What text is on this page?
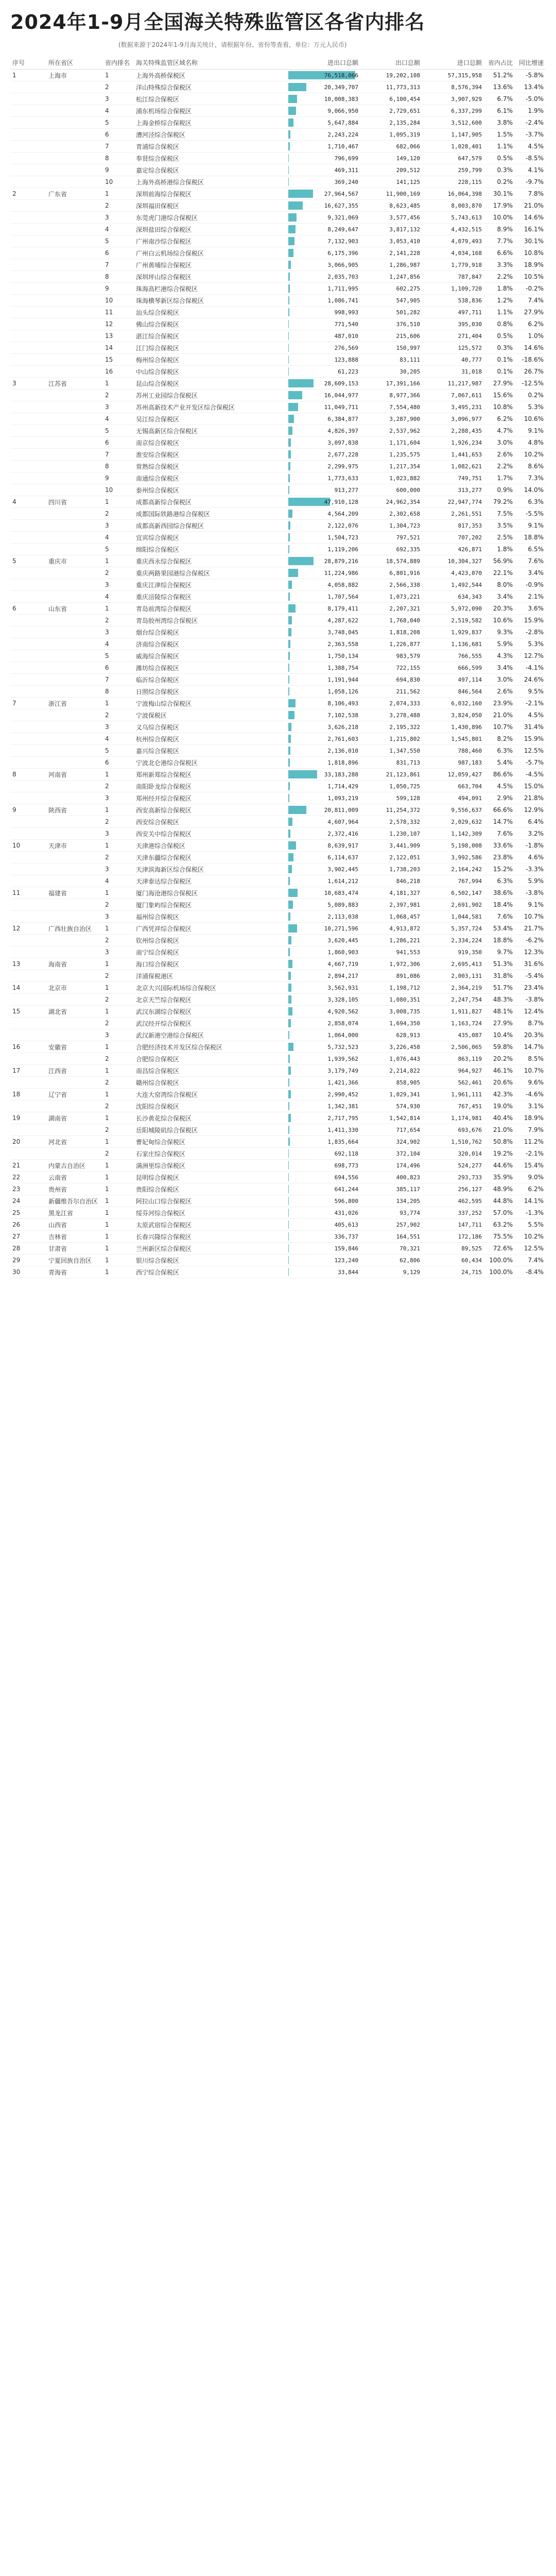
2024年1-9月全国海关特殊监管区各省内排名
(数据来源于2024年1-9月海关统计，请根据年份、省份等查看，单位：万元人民币)
序号	所在省区	省内排名	海关特殊监管区域名称	进出口总额	出口总额	进口总额	省内占比	同比增速
1	上海市	1	上海外高桥保税区	76,518,066	19,202,108	57,315,958	51.2%	-5.8%
		2	洋山特殊综合保税区	20,349,707	11,773,313	8,576,394	13.6%	13.4%
		3	松江综合保税区	10,008,383	6,100,454	3,907,929	6.7%	-5.0%
		4	浦东机场综合保税区	9,066,950	2,729,651	6,337,299	6.1%	1.9%
		5	上海金桥综合保税区	5,647,884	2,135,284	3,512,600	3.8%	-2.4%
		6	漕河泾综合保税区	2,243,224	1,095,319	1,147,905	1.5%	-3.7%
		7	青浦综合保税区	1,710,467	682,066	1,028,401	1.1%	4.5%
		8	奉贤综合保税区	796,699	149,120	647,579	0.5%	-8.5%
		9	嘉定综合保税区	469,311	209,512	259,799	0.3%	4.1%
		10	上海外高桥港综合保税区	369,240	141,125	228,115	0.2%	-9.7%
2	广东省	1	深圳前海综合保税区	27,964,567	11,900,169	16,064,398	30.1%	7.8%
		2	深圳福田保税区	16,627,355	8,623,485	8,003,870	17.9%	21.0%
		3	东莞虎门港综合保税区	9,321,069	3,577,456	5,743,613	10.0%	14.6%
		4	深圳盐田综合保税区	8,249,647	3,817,132	4,432,515	8.9%	16.1%
		5	广州南沙综合保税区	7,132,903	3,053,410	4,079,493	7.7%	30.1%
		6	广州白云机场综合保税区	6,175,396	2,141,228	4,034,168	6.6%	10.8%
		7	广州黄埔综合保税区	3,066,905	1,286,987	1,779,918	3.3%	18.9%
		8	深圳坪山综合保税区	2,035,703	1,247,856	787,847	2.2%	10.5%
		9	珠海高栏港综合保税区	1,711,995	602,275	1,109,720	1.8%	-0.2%
		10	珠海横琴新区综合保税区	1,086,741	547,905	538,836	1.2%	7.4%
		11	汕头综合保税区	998,993	501,282	497,711	1.1%	27.9%
		12	佛山综合保税区	771,540	376,510	395,030	0.8%	6.2%
		13	湛江综合保税区	487,010	215,606	271,404	0.5%	1.0%
		14	江门综合保税区	276,569	150,997	125,572	0.3%	14.6%
		15	梅州综合保税区	123,888	83,111	40,777	0.1%	-18.6%
		16	中山综合保税区	61,223	30,205	31,018	0.1%	26.7%
3	江苏省	1	昆山综合保税区	28,609,153	17,391,166	11,217,987	27.9%	-12.5%
		2	苏州工业园综合保税区	16,044,977	8,977,366	7,067,611	15.6%	0.2%
		3	苏州高新技术产业开发区综合保税区	11,049,711	7,554,480	3,495,231	10.8%	5.3%
		4	吴江综合保税区	6,384,877	3,287,900	3,096,977	6.2%	10.6%
		5	无锡高新区综合保税区	4,826,397	2,537,962	2,288,435	4.7%	9.1%
		6	南京综合保税区	3,097,838	1,171,604	1,926,234	3.0%	4.8%
		7	淮安综合保税区	2,677,228	1,235,575	1,441,653	2.6%	10.2%
		8	常熟综合保税区	2,299,975	1,217,354	1,082,621	2.2%	8.6%
		9	南通综合保税区	1,773,633	1,023,882	749,751	1.7%	7.3%
		10	泰州综合保税区	913,277	600,000	313,277	0.9%	14.0%
4	四川省	1	成都高新综合保税区	47,910,128	24,962,354	22,947,774	79.2%	6.3%
		2	成都国际铁路港综合保税区	4,564,209	2,302,658	2,261,551	7.5%	-5.5%
		3	成都高新西园综合保税区	2,122,076	1,304,723	817,353	3.5%	9.1%
		4	宜宾综合保税区	1,504,723	797,521	707,202	2.5%	18.8%
		5	绵阳综合保税区	1,119,206	692,335	426,871	1.8%	6.5%
5	重庆市	1	重庆西永综合保税区	28,879,216	18,574,889	10,304,327	56.9%	7.6%
		2	重庆两路果园港综合保税区	11,224,986	6,801,916	4,423,070	22.1%	3.4%
		3	重庆江津综合保税区	4,058,882	2,566,338	1,492,544	8.0%	-0.9%
		4	重庆涪陵综合保税区	1,707,564	1,073,221	634,343	3.4%	2.1%
6	山东省	1	青岛前湾综合保税区	8,179,411	2,207,321	5,972,090	20.3%	3.6%
		2	青岛胶州湾综合保税区	4,287,622	1,768,040	2,519,582	10.6%	15.9%
		3	烟台综合保税区	3,748,045	1,818,208	1,929,837	9.3%	-2.8%
		4	济南综合保税区	2,363,558	1,226,877	1,136,681	5.9%	5.3%
		5	威海综合保税区	1,750,134	983,579	766,555	4.3%	12.7%
		6	潍坊综合保税区	1,388,754	722,155	666,599	3.4%	-4.1%
		7	临沂综合保税区	1,191,944	694,830	497,114	3.0%	24.6%
		8	日照综合保税区	1,058,126	211,562	846,564	2.6%	9.5%
7	浙江省	1	宁波梅山综合保税区	8,106,493	2,074,333	6,032,160	23.9%	-2.1%
		2	宁波保税区	7,102,538	3,278,488	3,824,050	21.0%	4.5%
		3	义乌综合保税区	3,626,218	2,195,322	1,430,896	10.7%	31.4%
		4	杭州综合保税区	2,761,603	1,215,802	1,545,801	8.2%	15.9%
		5	嘉兴综合保税区	2,136,010	1,347,550	788,460	6.3%	12.5%
		6	宁波北仑港综合保税区	1,818,896	831,713	987,183	5.4%	-5.7%
8	河南省	1	郑州新郑综合保税区	33,183,288	21,123,861	12,059,427	86.6%	-4.5%
		2	南阳卧龙综合保税区	1,714,429	1,050,725	663,704	4.5%	15.0%
		3	郑州经开综合保税区	1,093,219	599,128	494,091	2.9%	21.8%
9	陕西省	1	西安高新综合保税区	20,811,009	11,254,372	9,556,637	66.6%	12.9%
		2	西安综合保税区	4,607,964	2,578,332	2,029,632	14.7%	6.4%
		3	西安关中综合保税区	2,372,416	1,230,107	1,142,309	7.6%	3.2%
10	天津市	1	天津港综合保税区	8,639,917	3,441,909	5,198,008	33.6%	-1.8%
		2	天津东疆综合保税区	6,114,637	2,122,051	3,992,586	23.8%	4.6%
		3	天津滨海新区综合保税区	3,902,445	1,738,203	2,164,242	15.2%	-3.3%
		4	天津泰达综合保税区	1,614,212	846,218	767,994	6.3%	5.9%
11	福建省	1	厦门海沧港综合保税区	10,683,474	4,181,327	6,502,147	38.6%	-3.8%
		2	厦门象屿综合保税区	5,089,883	2,397,981	2,691,902	18.4%	9.1%
		3	福州综合保税区	2,113,038	1,068,457	1,044,581	7.6%	10.7%
12	广西壮族自治区	1	广西凭祥综合保税区	10,271,596	4,913,872	5,357,724	53.4%	21.7%
		2	钦州综合保税区	3,620,445	1,286,221	2,334,224	18.8%	-6.2%
		3	南宁综合保税区	1,860,903	941,553	919,350	9.7%	12.3%
13	海南省	1	海口综合保税区	4,667,719	1,972,306	2,695,413	51.3%	31.6%
		2	洋浦保税港区	2,894,217	891,086	2,003,131	31.8%	-5.4%
14	北京市	1	北京大兴国际机场综合保税区	3,562,931	1,198,712	2,364,219	51.7%	23.4%
		2	北京天竺综合保税区	3,328,105	1,080,351	2,247,754	48.3%	-3.8%
15	湖北省	1	武汉东湖综合保税区	4,920,562	3,008,735	1,911,827	48.1%	12.4%
		2	武汉经开综合保税区	2,858,074	1,694,350	1,163,724	27.9%	8.7%
		3	武汉新港空港综合保税区	1,064,000	628,913	435,087	10.4%	20.3%
16	安徽省	1	合肥经济技术开发区综合保税区	5,732,523	3,226,458	2,506,065	59.8%	14.7%
		2	合肥综合保税区	1,939,562	1,076,443	863,119	20.2%	8.5%
17	江西省	1	南昌综合保税区	3,179,749	2,214,822	964,927	46.1%	10.7%
		2	赣州综合保税区	1,421,366	858,905	562,461	20.6%	9.6%
18	辽宁省	1	大连大窑湾综合保税区	2,990,452	1,029,341	1,961,111	42.3%	-4.6%
		2	沈阳综合保税区	1,342,381	574,930	767,451	19.0%	3.1%
19	湖南省	1	长沙黄花综合保税区	2,717,795	1,542,814	1,174,981	40.4%	18.9%
		2	岳阳城陵矶综合保税区	1,411,330	717,654	693,676	21.0%	7.9%
20	河北省	1	曹妃甸综合保税区	1,835,664	324,902	1,510,762	50.8%	11.2%
		2	石家庄综合保税区	692,118	372,104	320,014	19.2%	-2.1%
21	内蒙古自治区	1	满洲里综合保税区	698,773	174,496	524,277	44.6%	15.4%
22	云南省	1	昆明综合保税区	694,556	400,823	293,733	35.9%	9.0%
23	贵州省	1	贵阳综合保税区	641,244	385,117	256,127	48.9%	6.2%
24	新疆维吾尔自治区	1	阿拉山口综合保税区	596,800	134,205	462,595	44.8%	14.1%
25	黑龙江省	1	绥芬河综合保税区	431,026	93,774	337,252	57.0%	-1.3%
26	山西省	1	太原武宿综合保税区	405,613	257,902	147,711	63.2%	5.5%
27	吉林省	1	长春兴隆综合保税区	336,737	164,551	172,186	75.5%	10.2%
28	甘肃省	1	兰州新区综合保税区	159,846	70,321	89,525	72.6%	12.5%
29	宁夏回族自治区	1	银川综合保税区	123,240	62,806	60,434	100.0%	7.4%
30	青海省	1	西宁综合保税区	33,844	9,129	24,715	100.0%	-8.4%
